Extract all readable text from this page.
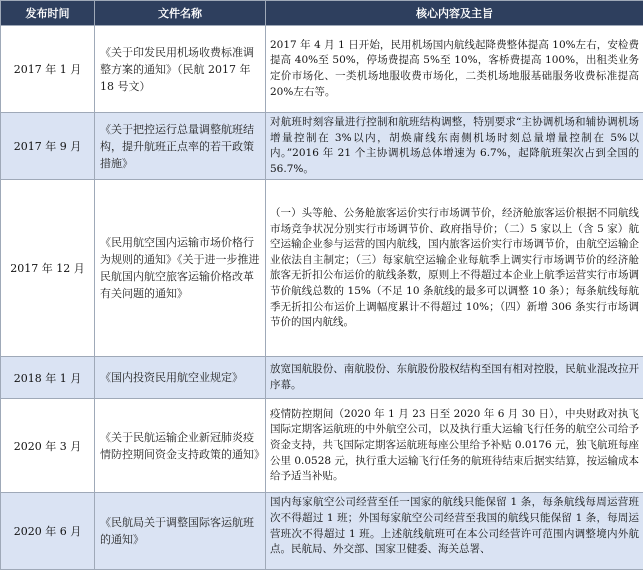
发布时间	文件名称	核心内容及主旨
2017 年 1 月	《关于印发民用机场收费标准调整方案的通知》（民航 2017 年 18 号文）	2017 年 4 月 1 日开始，民用机场国内航线起降费整体提高 10%左右，安检费提高 40%至 50%，停场费提高 5%至 10%，客桥费提高 100%，出租类业务定价市场化、一类机场地服收费市场化，二类机场地服基础服务收费标准提高 20%左右等。
2017 年 9 月	《关于把控运行总量调整航班结构，提升航班正点率的若干政策措施》	对航班时刻容量进行控制和航班结构调整，特别要求“主协调机场和辅协调机场增量控制在 3%以内，胡焕庸线东南侧机场时刻总量增量控制在 5%以内。”2016 年 21 个主协调机场总体增速为 6.7%，起降航班架次占到全国的 56.7%。
2017 年 12 月	《民用航空国内运输市场价格行为规则的通知》《关于进一步推进民航国内航空旅客运输价格改革有关问题的通知》	（一）头等舱、公务舱旅客运价实行市场调节价，经济舱旅客运价根据不同航线市场竞争状况分别实行市场调节价、政府指导价；（二）5 家以上（含 5 家）航空运输企业参与运营的国内航线，国内旅客运价实行市场调节价，由航空运输企业依法自主制定；（三）每家航空运输企业每航季上调实行市场调节价的经济舱旅客无折扣公布运价的航线条数，原则上不得超过本企业上航季运营实行市场调节价航线总数的 15%（不足 10 条航线的最多可以调整 10 条）；每条航线每航季无折扣公布运价上调幅度累计不得超过 10%；（四）新增 306 条实行市场调节价的国内航线。
2018 年 1 月	《国内投资民用航空业规定》	放宽国航股份、南航股份、东航股份股权结构至国有相对控股，民航业混改拉开序幕。
2020 年 3 月	《关于民航运输企业新冠肺炎疫情防控期间资金支持政策的通知》	疫情防控期间（2020 年 1 月 23 日至 2020 年 6 月 30 日），中央财政对执飞国际定期客运航班的中外航空公司，以及执行重大运输飞行任务的航空公司给予资金支持，共飞国际定期客运航班每座公里给予补贴 0.0176 元，独飞航班每座公里 0.0528 元，执行重大运输飞行任务的航班待结束后据实结算，按运输成本给予适当补贴。
2020 年 6 月	《民航局关于调整国际客运航班的通知》	国内每家航空公司经营至任一国家的航线只能保留 1 条，每条航线每周运营班次不得超过 1 班；外国每家航空公司经营至我国的航线只能保留 1 条，每周运营班次不得超过 1 班。上述航线航班可在本公司经营许可范围内调整境内外航点。民航局、外交部、国家卫健委、海关总署、
